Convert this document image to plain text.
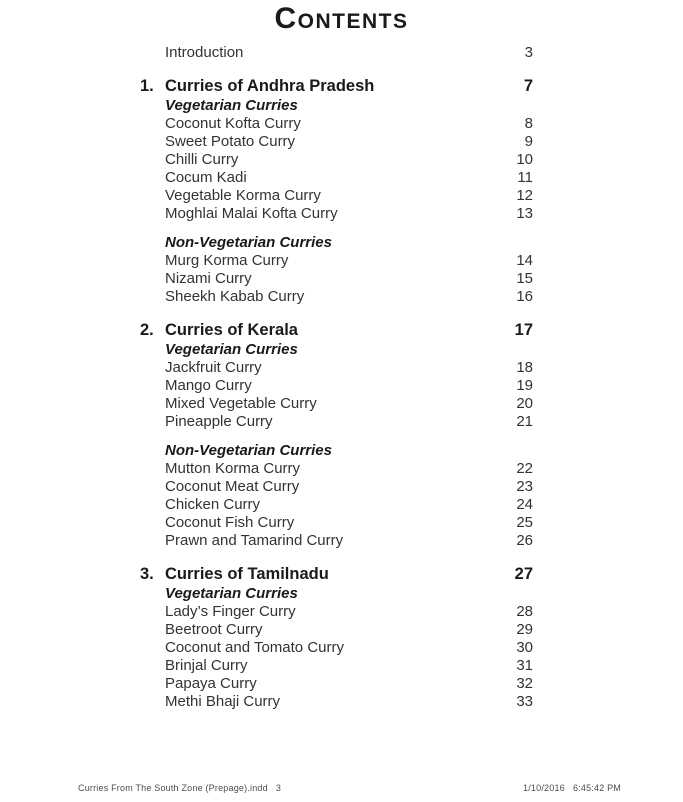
Contents
Introduction	3
1. Curries of Andhra Pradesh	7
Vegetarian Curries
Coconut Kofta Curry	8
Sweet Potato Curry	9
Chilli Curry	10
Cocum Kadi	11
Vegetable Korma Curry	12
Moghlai Malai Kofta Curry	13
Non-Vegetarian Curries
Murg Korma Curry	14
Nizami Curry	15
Sheekh Kabab Curry	16
2. Curries of Kerala	17
Vegetarian Curries
Jackfruit Curry	18
Mango Curry	19
Mixed Vegetable Curry	20
Pineapple Curry	21
Non-Vegetarian Curries
Mutton Korma Curry	22
Coconut Meat Curry	23
Chicken Curry	24
Coconut Fish Curry	25
Prawn and Tamarind Curry	26
3. Curries of Tamilnadu	27
Vegetarian Curries
Lady’s Finger Curry	28
Beetroot Curry	29
Coconut and Tomato Curry	30
Brinjal Curry	31
Papaya Curry	32
Methi Bhaji Curry	33
Curries From The South Zone (Prepage).indd   3	1/10/2016   6:45:42 PM
